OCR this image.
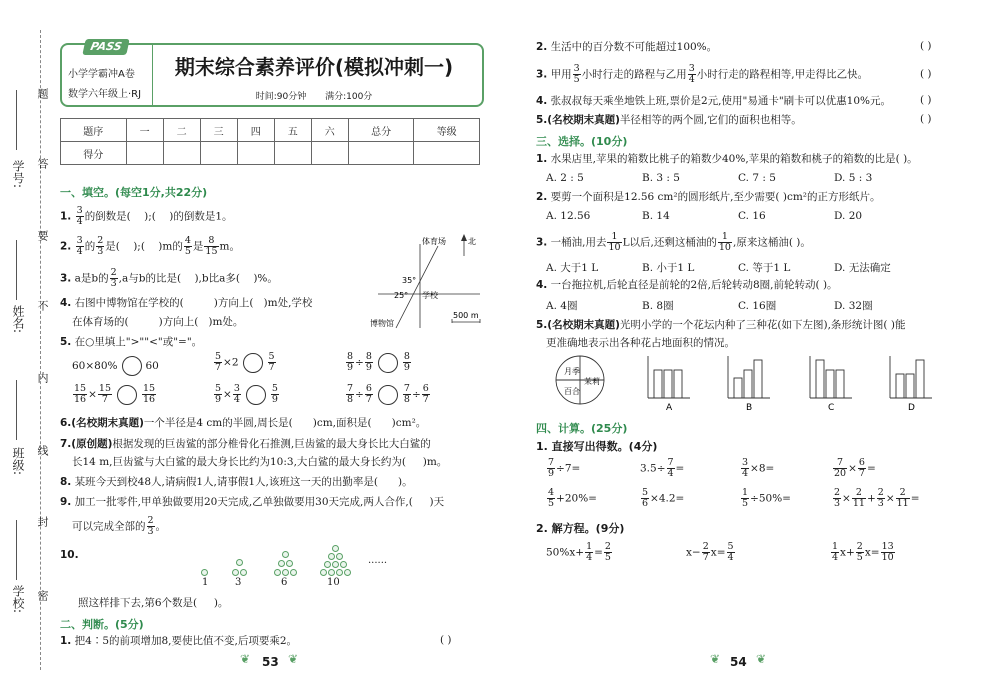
题
答
要
不
内
线
封
密
学号:
姓名:
班级:
学校:
PASS
小学学霸冲A卷
数学六年级上·RJ
期末综合素养评价(模拟冲刺一)
时间:90分钟 满分:100分
题序	一	二	三	四	五	六	总分	等级
得分								
一、填空。(每空1分,共22分)
1. $\frac{3}{4}$ 的倒数是( );( )的倒数是1。
2. $\frac{3}{4}$ 的 $\frac{2}{3}$ 是( );( )m的 $\frac{4}{5}$ 是 $\frac{8}{15}$ m。
3. a是b的 $\frac{2}{3} ,a$与b的比是( ),b比a多( )%。
4. 右图中博物馆在学校的(	)方向上( )m处,学校
在体育场的(	)方向上( )m处。
体育场	北
35°
25° 学校
博物馆
500 m
5. 在○里填上">""<"或"="。
60×80%	60	$\frac{5}{7} \times 2$	$\frac{5}{7}$	$\frac{8}{9} \div \frac{8}{9}$	$\frac{8}{9}$
$\frac{15}{16} \times \frac{15}{7}$	$\frac{15}{16}$	$\frac{5}{9} \times \frac{3}{4}$	$\frac{5}{9}$	$\frac{7}{8} \div \frac{6}{7}$	$\frac{7}{8} \div \frac{6}{7}$
6.(名校期末真题)一个半径是4 cm的半圆,周长是( )cm,面积是( )cm²。
7.(原创题)根据发现的巨齿鲨的部分椎骨化石推测,巨齿鲨的最大身长比大白鲨的
长14 m,巨齿鲨与大白鲨的最大身长比约为10:3,大白鲨的最大身长约为( )m。
8. 某班今天到校48人,请病假1人,请事假1人,该班这一天的出勤率是( )。
9. 加工一批零件,甲单独做要用20天完成,乙单独做要用30天完成,两人合作,( )天
可以完成全部的 $\frac{2}{3}$ 。
10.
1	3	6	10
......
照这样排下去,第6个数是( )。
二、判断。(5分)
1. 把4∶5的前项增加8,要使比值不变,后项要乘2。	( )
❦ 53 ❦
2. 生活中的百分数不可能超过100%。	( )
3. 甲用 $\frac{3}{5}$ 小时行走的路程与乙用 $\frac{3}{4}$ 小时行走的路程相等,甲走得比乙快。	( )
4. 张叔叔每天乘坐地铁上班,票价是2元,使用"易通卡"刷卡可以优惠10%元。	( )
5.(名校期末真题)半径相等的两个圆,它们的面积也相等。	( )
三、选择。(10分)
1. 水果店里,苹果的箱数比桃子的箱数少40%,苹果的箱数和桃子的箱数的比是( )。
A. 2 : 5	B. 3 : 5	C. 7 : 5	D. 5 : 3
2. 要剪一个面积是12.56 cm²的圆形纸片,至少需要( )cm²的正方形纸片。
A. 12.56	B. 14	C. 16	D. 20
3. 一桶油,用去 $\frac{1}{10}$ L以后,还剩这桶油的 $\frac{1}{10}$ ,原来这桶油( )。
A. 大于1 L	B. 小于1 L	C. 等于1 L	D. 无法确定
4. 一台拖拉机,后轮直径是前轮的2倍,后轮转动8圈,前轮转动( )。
A. 4圈	B. 8圈	C. 16圈	D. 32圈
5.(名校期末真题)光明小学的一个花坛内种了三种花(如下左图),条形统计图( )能
更准确地表示出各种花占地面积的情况。
月季
茉莉
百合
A	B	C	D
四、计算。(25分)
1. 直接写出得数。(4分)
$\frac{7}{9} \div 7=$	$3.5\div \frac{7}{4}$ =	$\frac{3}{4} \times 8=$	$\frac{7}{20} \times \frac{6}{7}$ =
$\frac{4}{5} +20\%=$	$\frac{5}{6} \times 4.2=$	$\frac{1}{5} \div 50\%=$	$\frac{2}{3} \times \frac{2}{11} + \frac{2}{3} \times \frac{2}{11}$ =
2. 解方程。(9分)
$50\%x+ \frac{1}{4} = \frac{2}{5}$	$x- \frac{2}{7} x= \frac{5}{4}$	$\frac{1}{4} x+ \frac{2}{5} x= \frac{13}{10}$
❦ 54 ❦
